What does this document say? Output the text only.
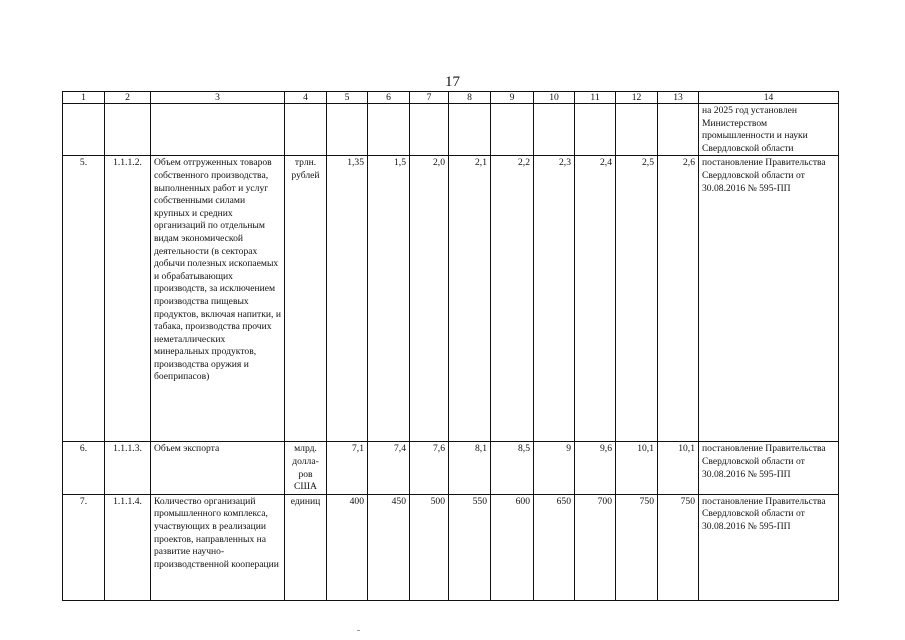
17
1	2	3	4	5	6	7	8	9	10	11	12	13	14
													на 2025 год установлен Министерством промышленности и науки Свердловской области
5.	1.1.1.2.	Объем отгруженных товаров собственного производства, выполненных работ и услуг собственными силами крупных и средних организаций по отдельным видам экономической деятельности (в секторах добычи полезных ископаемых и обрабатывающих производств, за исключением производства пищевых продуктов, включая напитки, и табака, производства прочих неметаллических минеральных продуктов, производства оружия и боеприпасов)	трлн. рублей	1,35	1,5	2,0	2,1	2,2	2,3	2,4	2,5	2,6	постановление Правительства Свердловской области от 30.08.2016 № 595-ПП
6.	1.1.1.3.	Объем экспорта	млрд. долла-ров США	7,1	7,4	7,6	8,1	8,5	9	9,6	10,1	10,1	постановление Правительства Свердловской области от 30.08.2016 № 595-ПП
7.	1.1.1.4.	Количество организаций промышленного комплекса, участвующих в реализации проектов, направленных на развитие научно-производственной кооперации	единиц	400	450	500	550	600	650	700	750	750	постановление Правительства Свердловской области от 30.08.2016 № 595-ПП
